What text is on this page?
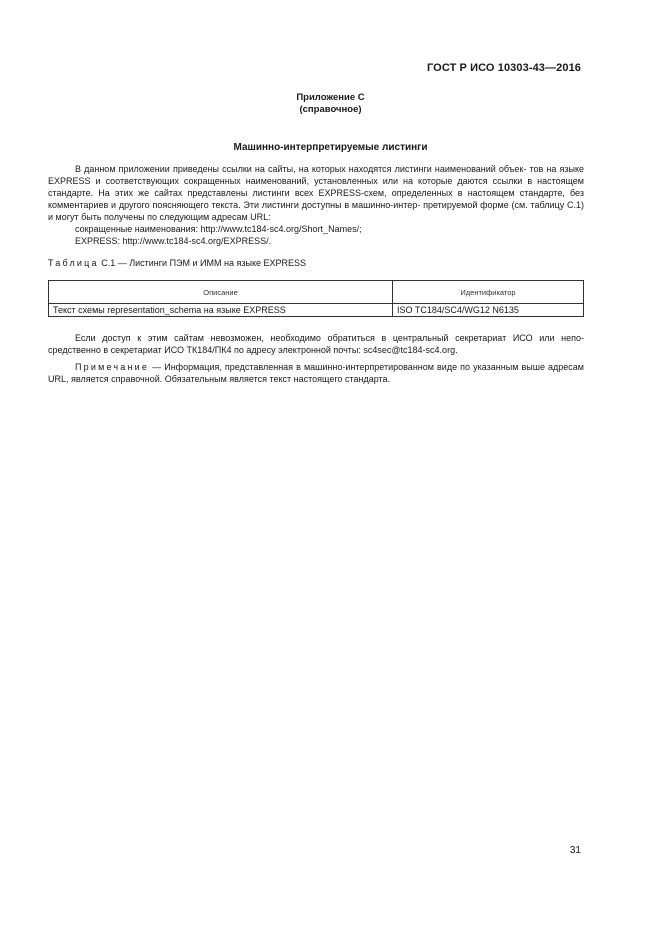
ГОСТ Р ИСО 10303-43—2016
Приложение С
(справочное)
Машинно-интерпретируемые листинги

В данном приложении приведены ссылки на сайты, на которых находятся листинги наименований объек- тов на языке EXPRESS и соответствующих сокращенных наименований, установленных или на которые даются ссылки в настоящем стандарте. На этих же сайтах представлены листинги всех EXPRESS-схем, определенных в настоящем стандарте, без комментариев и другого поясняющего текста. Эти листинги доступны в машинно-интер- претируемой форме (см. таблицу С.1) и могут быть получены по следующим адресам URL:

сокращенные наименования: http://www.tc184-sc4.org/Short_Names/;

EXPRESS: http://www.tc184-sc4.org/EXPRESS/.

Таблица С.1 — Листинги ПЭМ и ИММ на языке EXPRESS
Описание	Идентификатор
Текст схемы representation_schema на языке EXPRESS	ISO TC184/SC4/WG12 N6135

Если доступ к этим сайтам невозможен, необходимо обратиться в центральный секретариат ИСО или непо- средственно в секретариат ИСО ТК184/ПК4 по адресу электронной почты: sc4sec@tc184-sc4.org.

Примечание — Информация, представленная в машинно-интерпретированном виде по указанным выше адресам URL, является справочной. Обязательным является текст настоящего стандарта.

31
